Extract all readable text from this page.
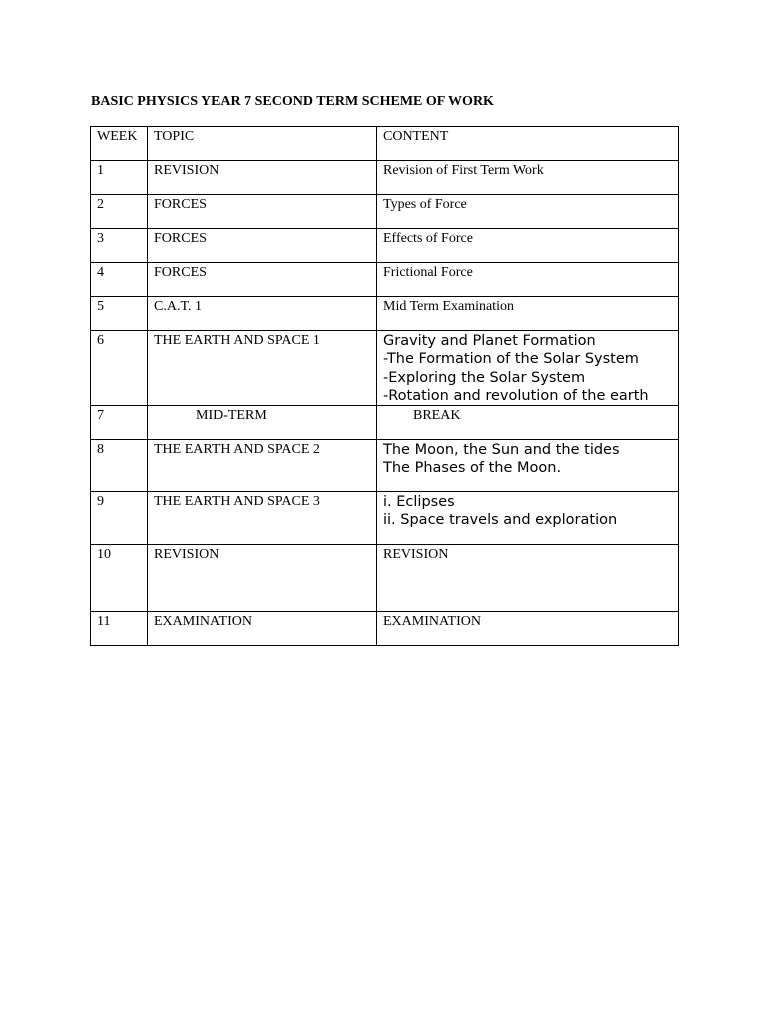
BASIC PHYSICS YEAR 7 SECOND TERM SCHEME OF WORK
WEEK	TOPIC	CONTENT
1	REVISION	Revision of First Term Work
2	FORCES	Types of Force
3	FORCES	Effects of Force
4	FORCES	Frictional Force
5	C.A.T. 1	Mid Term Examination
6	THE EARTH AND SPACE 1	Gravity and Planet Formation
-The Formation of the Solar System
-Exploring the Solar System
-Rotation and revolution of the earth

7	MID-TERM	BREAK
8	THE EARTH AND SPACE 2	The Moon, the Sun and the tides
The Phases of the Moon.

9	THE EARTH AND SPACE 3	i. Eclipses
ii. Space travels and exploration

10	REVISION	REVISION
11	EXAMINATION	EXAMINATION
